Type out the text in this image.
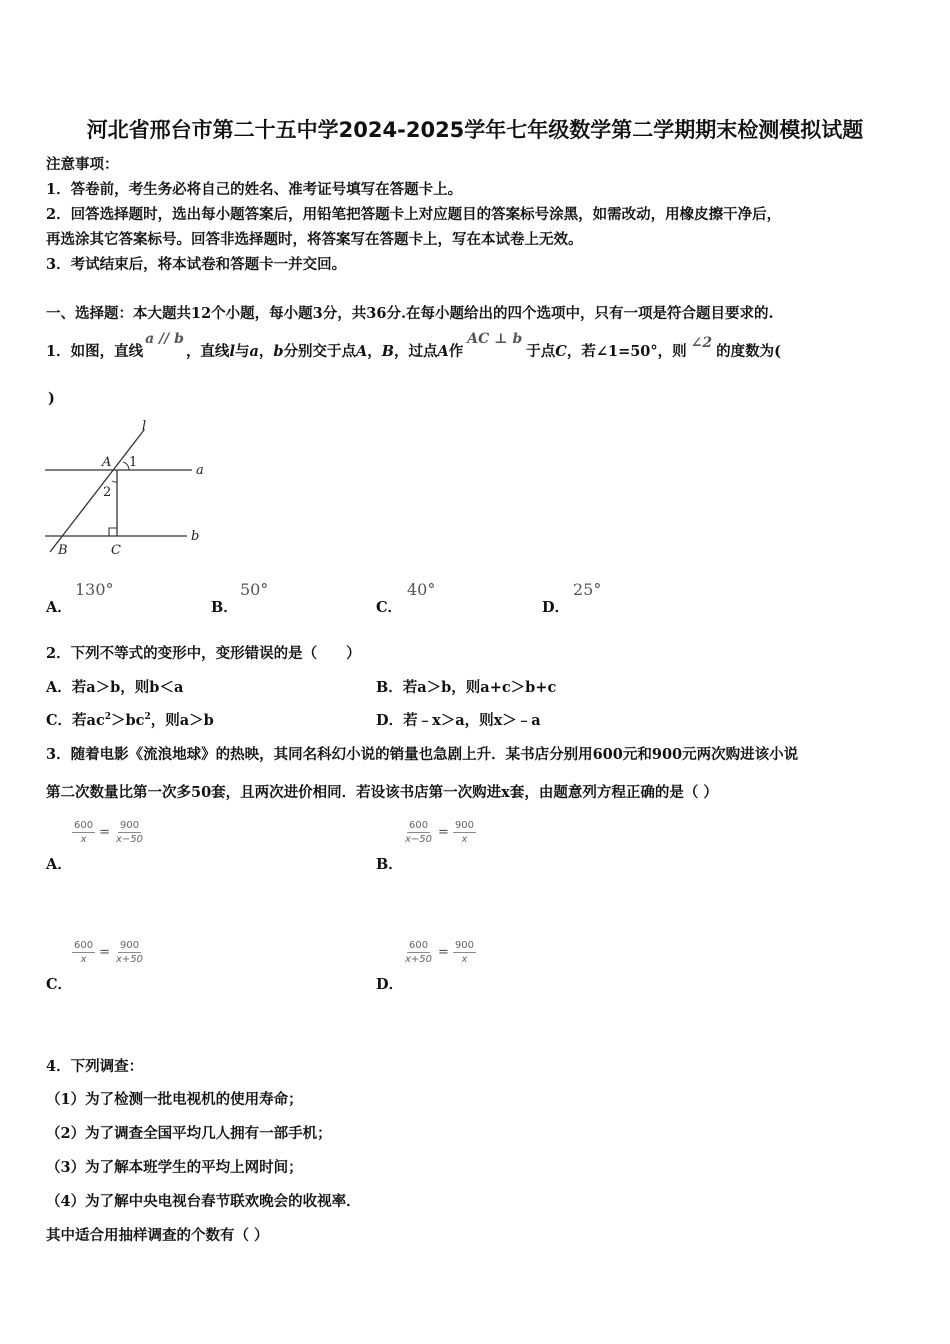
河北省邢台市第二十五中学2024-2025学年七年级数学第二学期期末检测模拟试题
注意事项：
1．答卷前，考生务必将自己的姓名、准考证号填写在答题卡上。
2．回答选择题时，选出每小题答案后，用铅笔把答题卡上对应题目的答案标号涂黑，如需改动，用橡皮擦干净后，
再选涂其它答案标号。回答非选择题时，将答案写在答题卡上，写在本试卷上无效。
3．考试结束后，将本试卷和答题卡一并交回。
一、选择题：本大题共12个小题，每小题3分，共36分.在每小题给出的四个选项中，只有一项是符合题目要求的.
1．如图，直线a // b，直线l与a，b分别交于点A，B，过点A作AC ⊥ b于点C，若∠1=50°，则 ∠2 的度数为(
)
l
A 1
a
2
B	C
b
A．
130°
B．
50°
C．
40°
D．
25°
2．下列不等式的变形中，变形错误的是（　　）
A．若a＞b，则b＜a	B．若a＞b，则a+c＞b+c
C．若$ac^2>bc^2$，则a＞b	D．若﹣x＞a，则x＞﹣a
3．随着电影《流浪地球》的热映，其同名科幻小说的销量也急剧上升．某书店分别用600元和900元两次购进该小说
第二次数量比第一次多50套，且两次进价相同．若设该书店第一次购进x套，由题意列方程正确的是（ ）
$\frac{600}{x} = \frac{900}{x-50}$
A．
$\frac{600}{x-50} = \frac{900}{x}$
B．
$\frac{600}{x} = \frac{900}{x+50}$
C．
$\frac{600}{x+50} = \frac{900}{x}$
D．
4．下列调查：
（1）为了检测一批电视机的使用寿命；
（2）为了调查全国平均几人拥有一部手机；
（3）为了解本班学生的平均上网时间；
（4）为了解中央电视台春节联欢晚会的收视率．
其中适合用抽样调查的个数有（ ）
